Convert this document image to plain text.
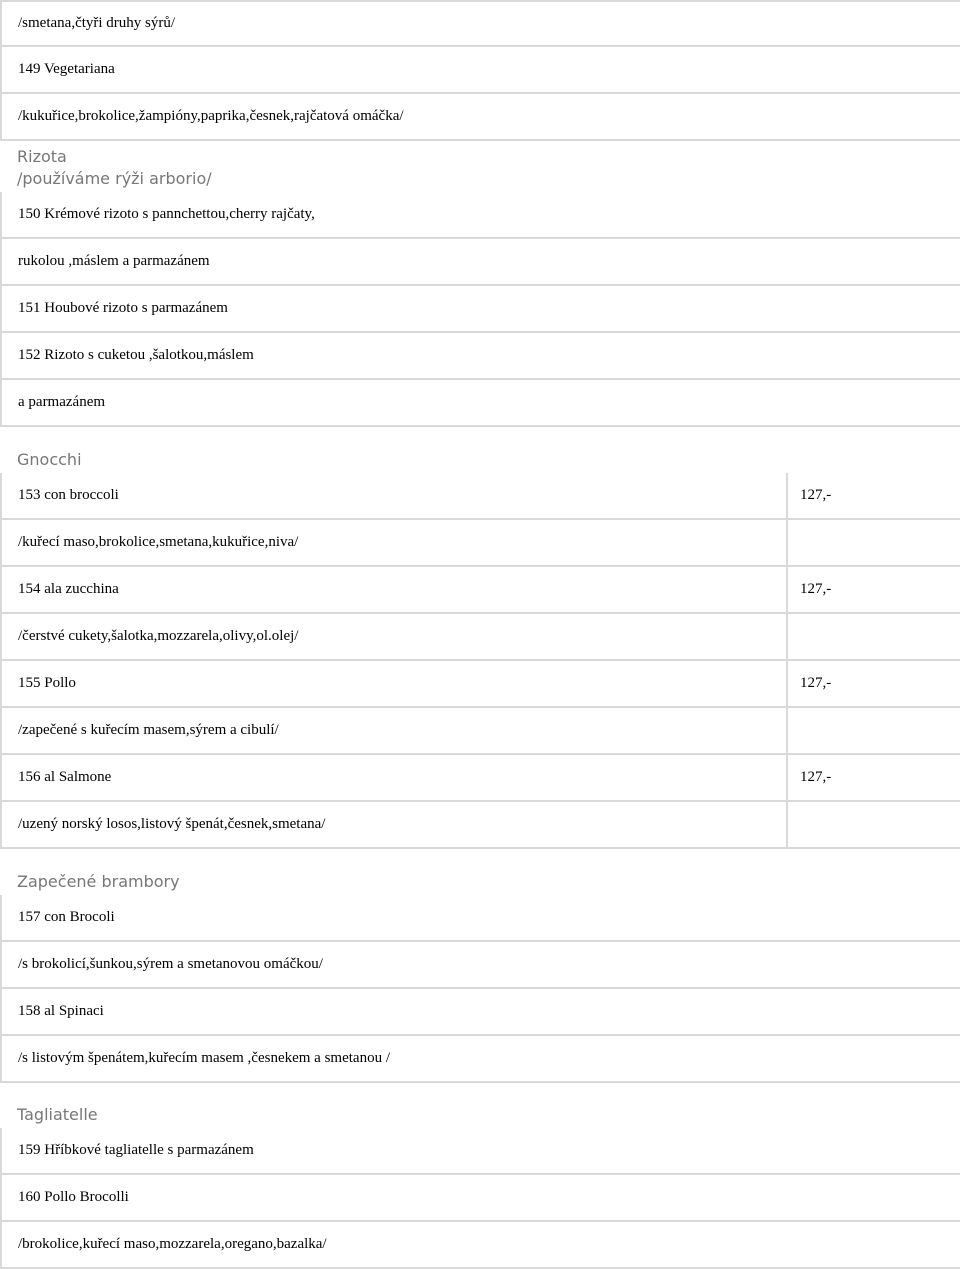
/smetana,čtyři druhy sýrů/
149 Vegetariana
/kukuřice,brokolice,žampióny,paprika,česnek,rajčatová omáčka/
Rizota
/používáme rýži arborio/
150 Krémové rizoto s pannchettou,cherry rajčaty,
rukolou ,máslem a parmazánem
151 Houbové rizoto s parmazánem
152 Rizoto s cuketou ,šalotkou,máslem
a parmazánem
Gnocchi
153 con broccoli	127,-
/kuřecí maso,brokolice,smetana,kukuřice,niva/
154 ala zucchina	127,-
/čerstvé cukety,šalotka,mozzarela,olivy,ol.olej/
155 Pollo	127,-
/zapečené s kuřecím masem,sýrem a cibulí/
156 al Salmone	127,-
/uzený norský losos,listový špenát,česnek,smetana/
Zapečené brambory
157 con Brocoli
/s brokolicí,šunkou,sýrem a smetanovou omáčkou/
158 al Spinaci
/s listovým špenátem,kuřecím masem ,česnekem a smetanou /
Tagliatelle
159 Hříbkové tagliatelle s parmazánem
160 Pollo Brocolli
/brokolice,kuřecí maso,mozzarela,oregano,bazalka/
